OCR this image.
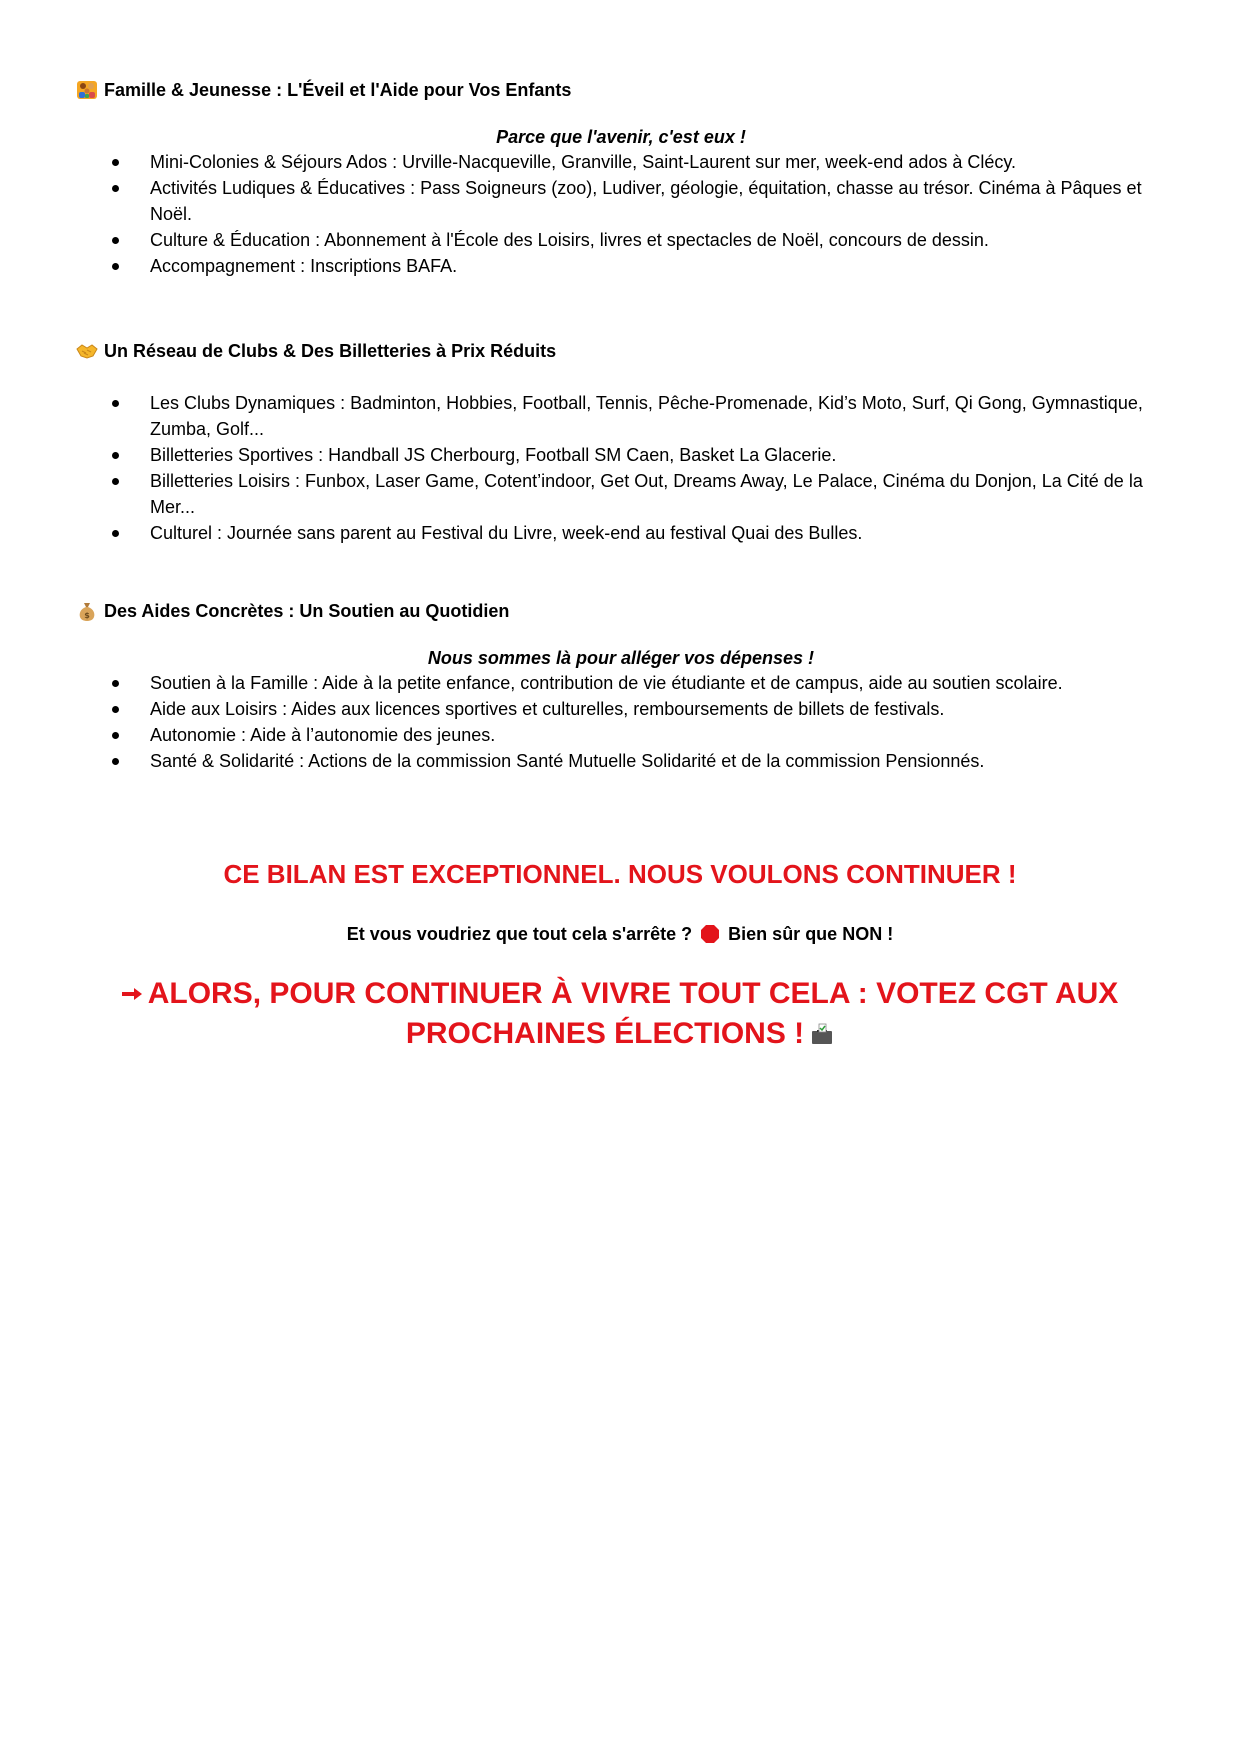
Famille & Jeunesse : L'Éveil et l'Aide pour Vos Enfants

Parce que l'avenir, c'est eux !

Mini-Colonies & Séjours Ados : Urville-Nacqueville, Granville, Saint-Laurent sur mer, week-end ados à Clécy.
Activités Ludiques & Éducatives : Pass Soigneurs (zoo), Ludiver, géologie, équitation, chasse au trésor. Cinéma à Pâques et Noël.
Culture & Éducation : Abonnement à l'École des Loisirs, livres et spectacles de Noël, concours de dessin.
Accompagnement : Inscriptions BAFA.
Un Réseau de Clubs & Des Billetteries à Prix Réduits
Les Clubs Dynamiques : Badminton, Hobbies, Football, Tennis, Pêche-Promenade, Kid’s Moto, Surf, Qi Gong, Gymnastique, Zumba, Golf...
Billetteries Sportives : Handball JS Cherbourg, Football SM Caen, Basket La Glacerie.
Billetteries Loisirs : Funbox, Laser Game, Cotent’indoor, Get Out, Dreams Away, Le Palace, Cinéma du Donjon, La Cité de la Mer...
Culturel : Journée sans parent au Festival du Livre, week-end au festival Quai des Bulles.
$ Des Aides Concrètes : Un Soutien au Quotidien

Nous sommes là pour alléger vos dépenses !

Soutien à la Famille : Aide à la petite enfance, contribution de vie étudiante et de campus, aide au soutien scolaire.
Aide aux Loisirs : Aides aux licences sportives et culturelles, remboursements de billets de festivals.
Autonomie : Aide à l’autonomie des jeunes.
Santé & Solidarité : Actions de la commission Santé Mutuelle Solidarité et de la commission Pensionnés.
CE BILAN EST EXCEPTIONNEL. NOUS VOULONS CONTINUER !
Et vous voudriez que tout cela s'arrête ? Bien sûr que NON !
ALORS, POUR CONTINUER À VIVRE TOUT CELA : VOTEZ CGT AUX
PROCHAINES ÉLECTIONS !
